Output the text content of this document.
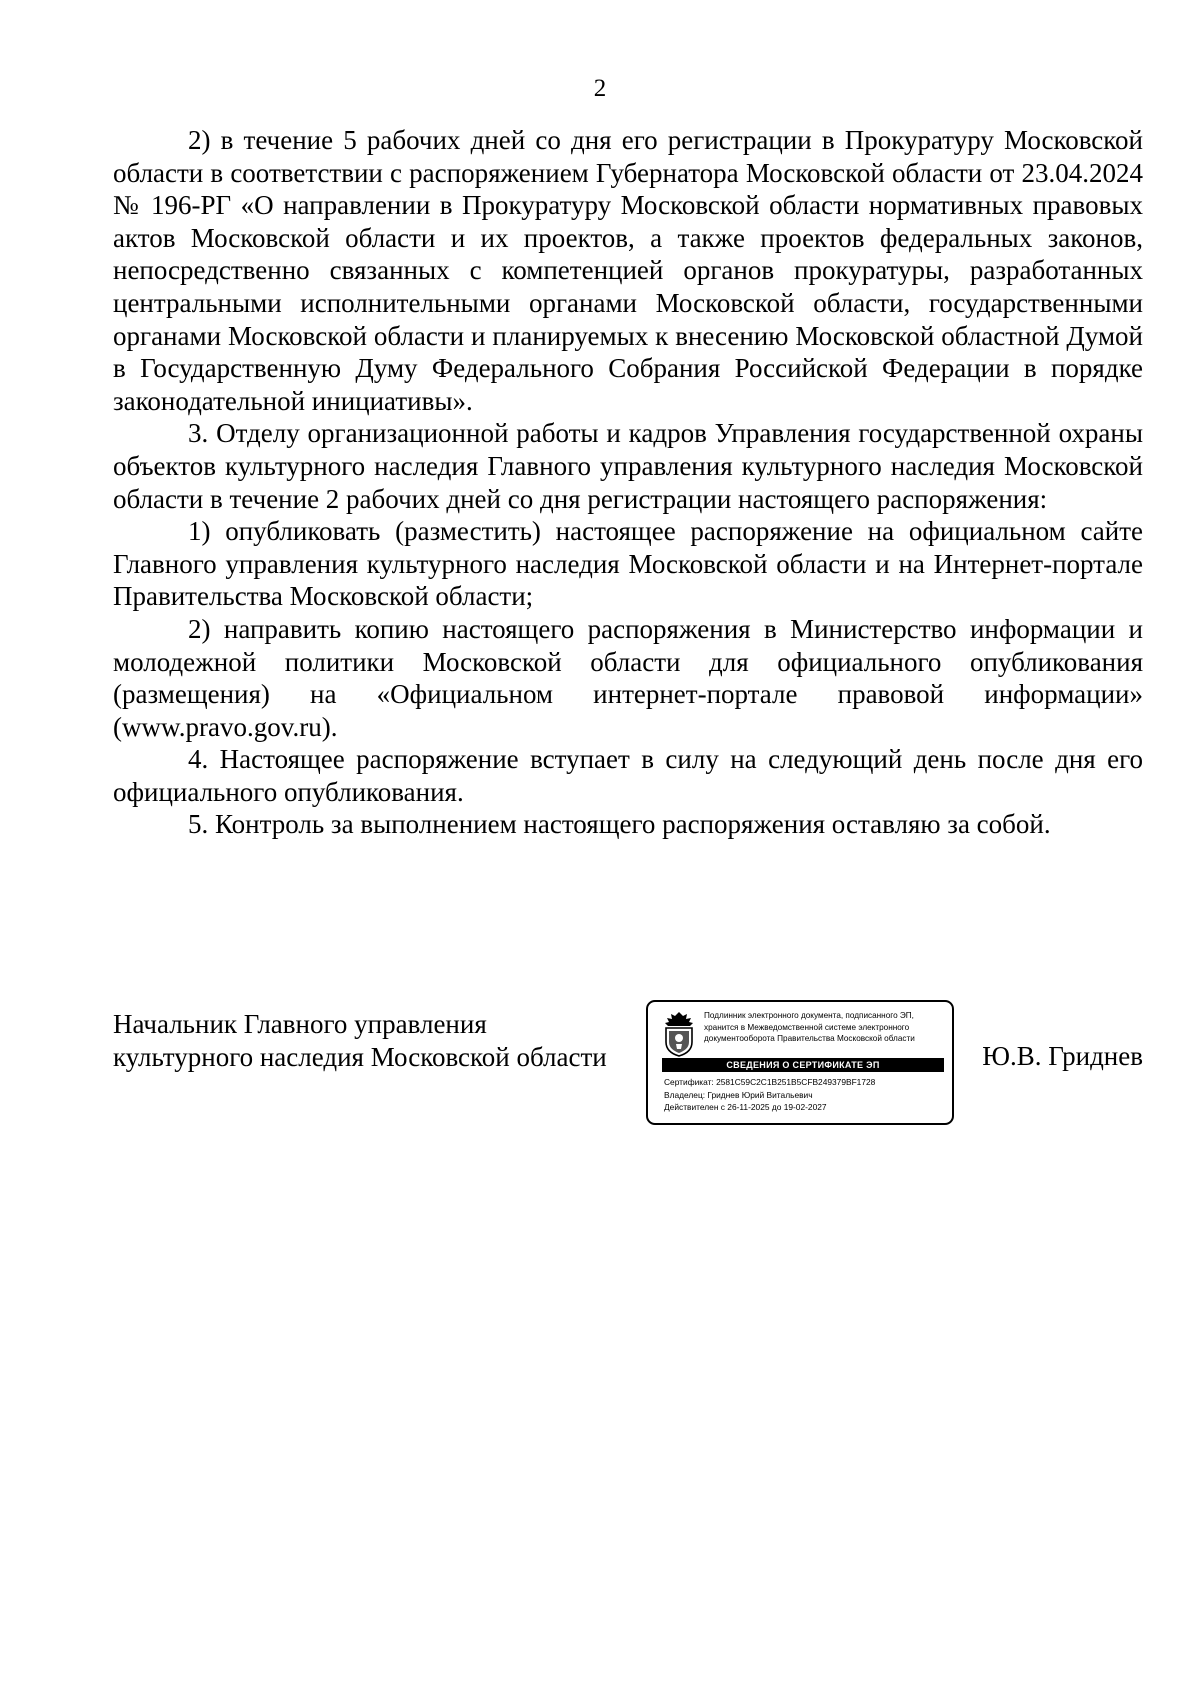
2

2) в течение 5 рабочих дней со дня его регистрации в Прокуратуру Московской области в соответствии с распоряжением Губернатора Московской области от 23.04.2024 № 196-РГ «О направлении в Прокуратуру Московской области нормативных правовых актов Московской области и их проектов, а также проектов федеральных законов, непосредственно связанных с компетенцией органов прокуратуры, разработанных центральными исполнительными органами Московской области, государственными органами Московской области и планируемых к внесению Московской областной Думой в Государственную Думу Федерального Собрания Российской Федерации в порядке законодательной инициативы».

3. Отделу организационной работы и кадров Управления государственной охраны объектов культурного наследия Главного управления культурного наследия Московской области в течение 2 рабочих дней со дня регистрации настоящего распоряжения:

1) опубликовать (разместить) настоящее распоряжение на официальном сайте Главного управления культурного наследия Московской области и на Интернет-портале Правительства Московской области;

2) направить копию настоящего распоряжения в Министерство информации и молодежной политики Московской области для официального опубликования (размещения) на «Официальном интернет-портале правовой информации» (www.pravo.gov.ru).

4. Настоящее распоряжение вступает в силу на следующий день после дня его официального опубликования.

5. Контроль за выполнением настоящего распоряжения оставляю за собой.

Начальник Главного управления
культурного наследия Московской области
Подлинник электронного документа, подписанного ЭП, хранится в Межведомственной системе электронного документооборота Правительства Московской области
СВЕДЕНИЯ О СЕРТИФИКАТЕ ЭП
Сертификат: 2581C59C2C1B251B5CFB249379BF1728
Владелец: Гриднев Юрий Витальевич
Действителен с 26-11-2025 до 19-02-2027
Ю.В. Гриднев
